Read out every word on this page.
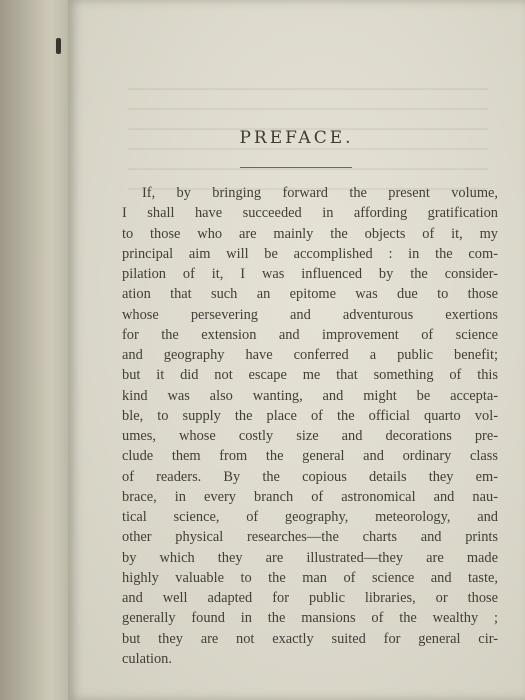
PREFACE.
If, by bringing forward the present volume,
I shall have succeeded in affording gratification
to those who are mainly the objects of it, my
principal aim will be accomplished : in the com-
pilation of it, I was influenced by the consider-
ation that such an epitome was due to those
whose persevering and adventurous exertions
for the extension and improvement of science
and geography have conferred a public benefit;
but it did not escape me that something of this
kind was also wanting, and might be accepta-
ble, to supply the place of the official quarto vol-
umes, whose costly size and decorations pre-
clude them from the general and ordinary class
of readers. By the copious details they em-
brace, in every branch of astronomical and nau-
tical science, of geography, meteorology, and
other physical researches—the charts and prints
by which they are illustrated—they are made
highly valuable to the man of science and taste,
and well adapted for public libraries, or those
generally found in the mansions of the wealthy ;
but they are not exactly suited for general cir-
culation.
